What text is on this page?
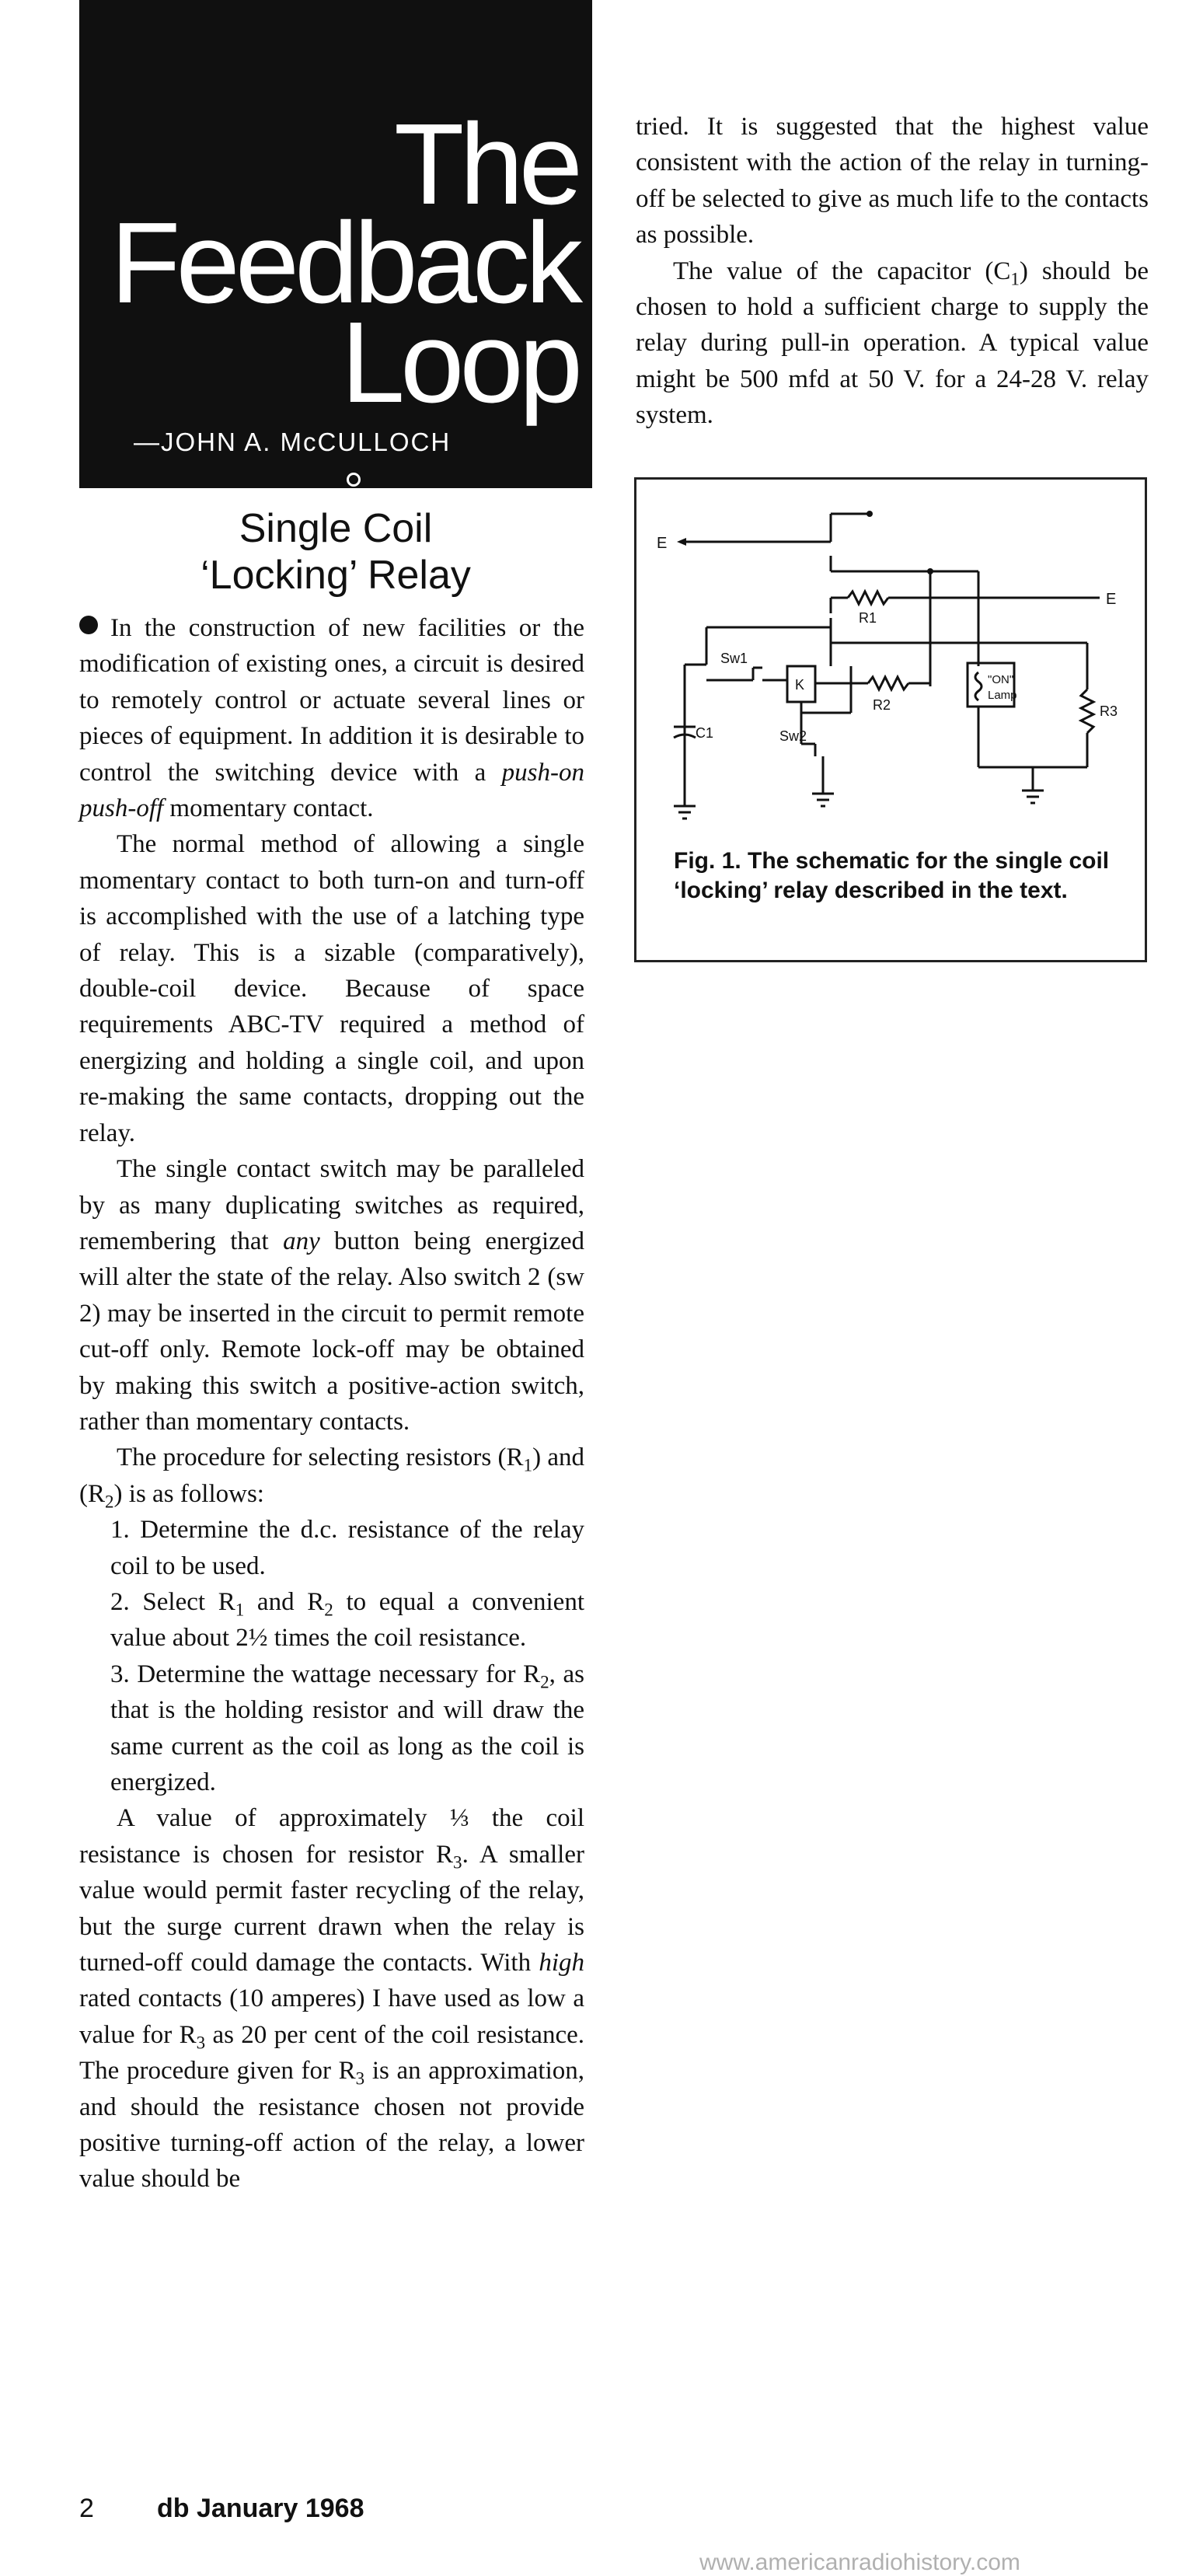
The
Feedback
Loop
—JOHN A. McCULLOCH
Single Coil
‘Locking’ Relay

In the construction of new facilities or the modification of existing ones, a circuit is desired to remotely control or actuate several lines or pieces of equipment. In addition it is desirable to control the switching device with a push-on push-off momentary contact.

The normal method of allowing a single momentary contact to both turn-on and turn-off is accomplished with the use of a latching type of relay. This is a sizable (comparatively), double-coil device. Because of space requirements ABC-TV required a method of energizing and holding a single coil, and upon re-making the same contacts, dropping out the relay.

The single contact switch may be paralleled by as many duplicating switches as required, remembering that any button being energized will alter the state of the relay. Also switch 2 (sw 2) may be inserted in the circuit to permit remote cut-off only. Remote lock-off may be obtained by making this switch a positive-action switch, rather than momentary contacts.

The procedure for selecting resistors $(R_1)$ and $(R_2)$ is as follows:

1. Determine the d.c. resistance of the relay coil to be used.
2. Select $R_1$ and $R_2$ to equal a convenient value about 2½ times the coil resistance.
3. Determine the wattage necessary for $R_2$, as that is the holding resistor and will draw the same current as the coil as long as the coil is energized.

A value of approximately ⅓ the coil resistance is chosen for resistor $R_3$. A smaller value would permit faster recycling of the relay, but the surge current drawn when the relay is turned-off could damage the contacts. With high rated contacts (10 amperes) I have used as low a value for $R_3$ as 20 per cent of the coil resistance. The procedure given for $R_3$ is an approximation, and should the resistance chosen not provide positive turning-off action of the relay, a lower value should be

tried. It is suggested that the highest value consistent with the action of the relay in turning-off be selected to give as much life to the contacts as possible.

The value of the capacitor $(C_1)$ should be chosen to hold a sufficient charge to supply the relay during pull-in operation. A typical value might be 500 mfd at 50 V. for a 24-28 V. relay system.

E
E
R1
R2	R3
C1
Sw1
Sw2
K	"ON"
Lamp

Fig. 1. The schematic for the single coil ‘locking’ relay described in the text.

2 db January 1968
www.americanradiohistory.com
